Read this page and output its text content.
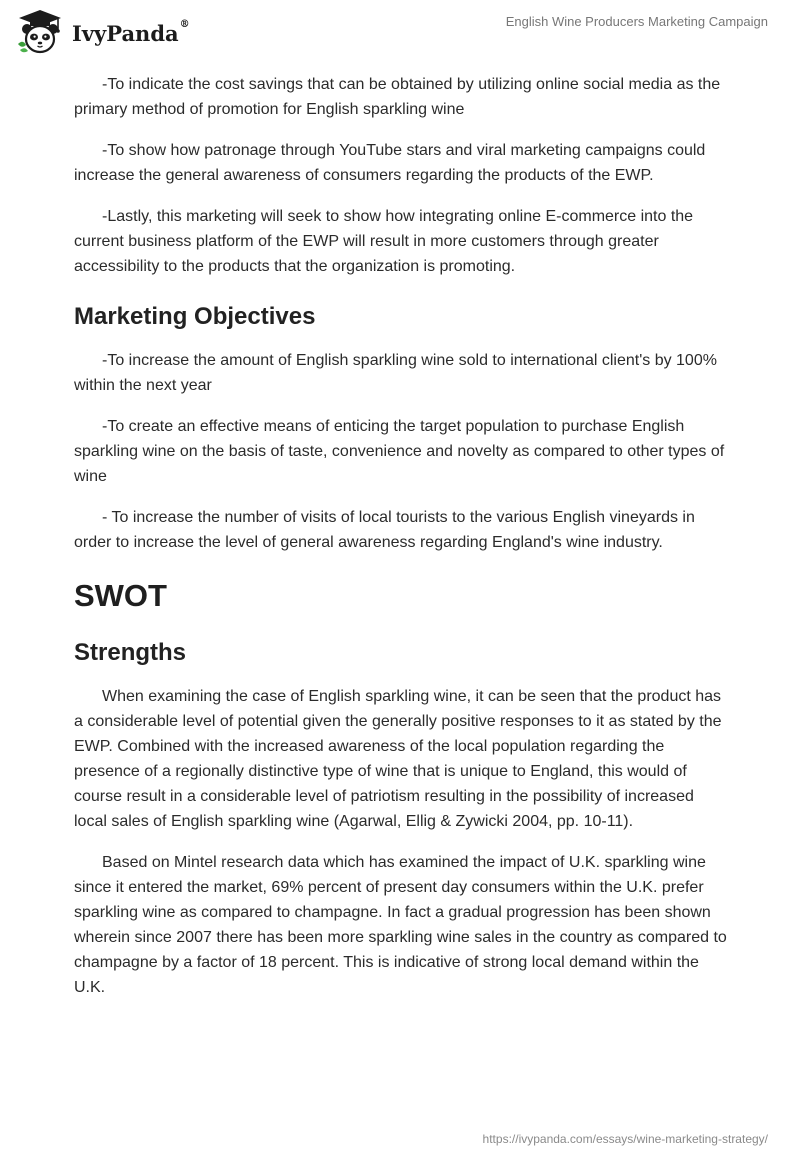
IvyPanda®	English Wine Producers Marketing Campaign

-To indicate the cost savings that can be obtained by utilizing online social media as the primary method of promotion for English sparkling wine

-To show how patronage through YouTube stars and viral marketing campaigns could increase the general awareness of consumers regarding the products of the EWP.

-Lastly, this marketing will seek to show how integrating online E-commerce into the current business platform of the EWP will result in more customers through greater accessibility to the products that the organization is promoting.

Marketing Objectives

-To increase the amount of English sparkling wine sold to international client's by 100% within the next year

-To create an effective means of enticing the target population to purchase English sparkling wine on the basis of taste, convenience and novelty as compared to other types of wine

- To increase the number of visits of local tourists to the various English vineyards in order to increase the level of general awareness regarding England's wine industry.

SWOT
Strengths

When examining the case of English sparkling wine, it can be seen that the product has a considerable level of potential given the generally positive responses to it as stated by the EWP. Combined with the increased awareness of the local population regarding the presence of a regionally distinctive type of wine that is unique to England, this would of course result in a considerable level of patriotism resulting in the possibility of increased local sales of English sparkling wine (Agarwal, Ellig & Zywicki 2004, pp. 10-11).

Based on Mintel research data which has examined the impact of U.K. sparkling wine since it entered the market, 69% percent of present day consumers within the U.K. prefer sparkling wine as compared to champagne. In fact a gradual progression has been shown wherein since 2007 there has been more sparkling wine sales in the country as compared to champagne by a factor of 18 percent. This is indicative of strong local demand within the U.K.

https://ivypanda.com/essays/wine-marketing-strategy/
